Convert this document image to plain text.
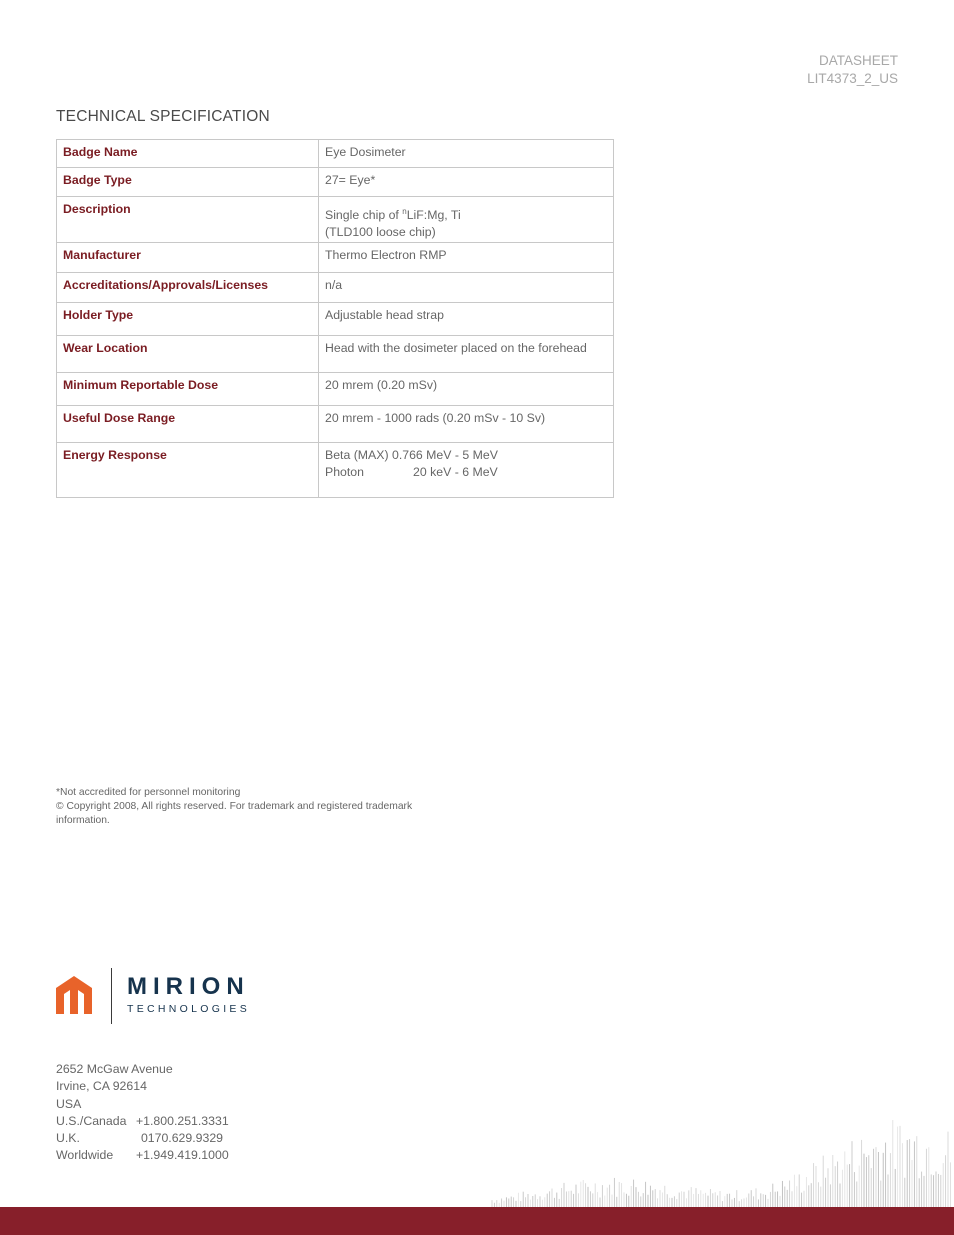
DATASHEET
LIT4373_2_US
TECHNICAL SPECIFICATION
Badge Name	Eye Dosimeter
Badge Type	27= Eye*
Description	Single chip of $^n$LiF:Mg, Ti
(TLD100 loose chip)

Manufacturer	Thermo Electron RMP
Accreditations/Approvals/Licenses	n/a
Holder Type	Adjustable head strap
Wear Location	Head with the dosimeter placed on the forehead
Minimum Reportable Dose	20 mrem (0.20 mSv)
Useful Dose Range	20 mrem - 1000 rads (0.20 mSv - 10 Sv)
Energy Response	Beta (MAX) 0.766 MeV - 5 MeV
Photon 20 keV - 6 MeV
*Not accredited for personnel monitoring
© Copyright 2008, All rights reserved. For trademark and registered trademark
information.
MIRION
TECHNOLOGIES
2652 McGaw Avenue
Irvine, CA 92614
USA
U.S./Canada +1.800.251.3331
U.K.	0170.629.9329
Worldwide +1.949.419.1000
